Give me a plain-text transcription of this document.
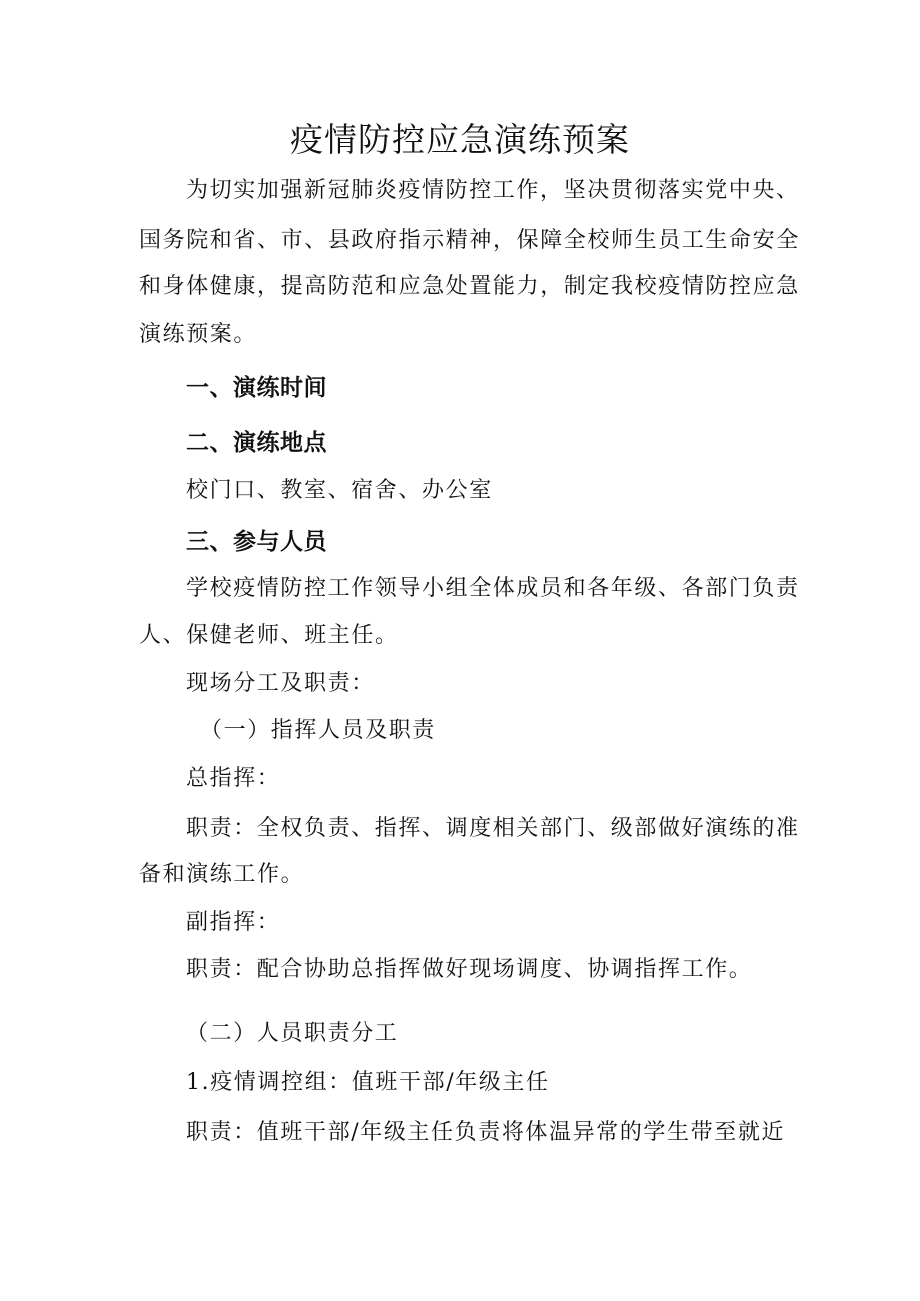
疫情防控应急演练预案
为切实加强新冠肺炎疫情防控工作，坚决贯彻落实党中央、
国务院和省、市、县政府指示精神，保障全校师生员工生命安全
和身体健康，提高防范和应急处置能力，制定我校疫情防控应急
演练预案。
一、演练时间
二、演练地点
校门口、教室、宿舍、办公室
三、参与人员
学校疫情防控工作领导小组全体成员和各年级、各部门负责
人、保健老师、班主任。
现场分工及职责：
（一）指挥人员及职责
总指挥：
职责：全权负责、指挥、调度相关部门、级部做好演练的准
备和演练工作。
副指挥：
职责：配合协助总指挥做好现场调度、协调指挥工作。
（二）人员职责分工
1.疫情调控组：值班干部/年级主任
职责：值班干部/年级主任负责将体温异常的学生带至就近
